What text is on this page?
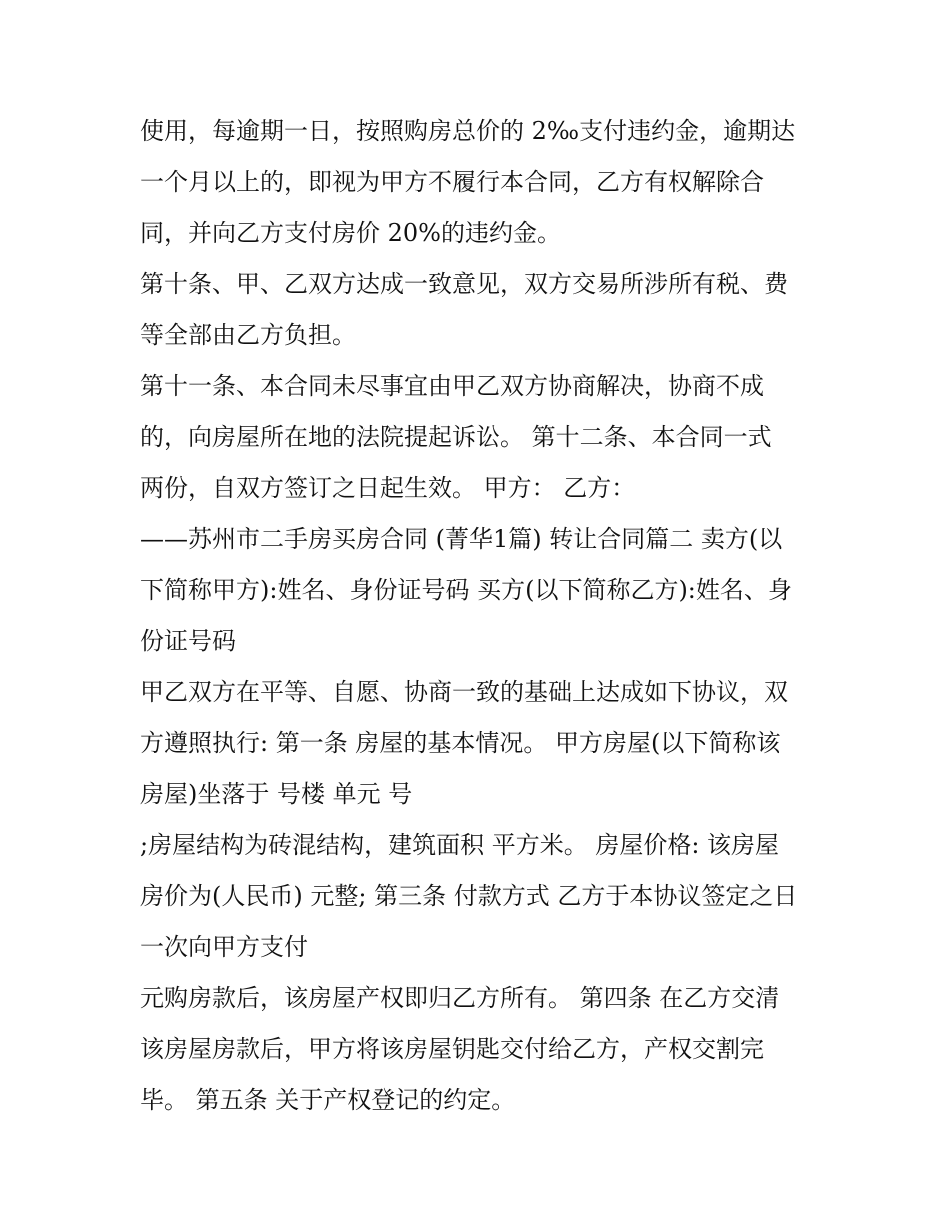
使用，每逾期一日，按照购房总价的 2‰支付违约金，逾期达
一个月以上的，即视为甲方不履行本合同，乙方有权解除合
同，并向乙方支付房价 20%的违约金。
第十条、甲、乙双方达成一致意见，双方交易所涉所有税、费
等全部由乙方负担。
第十一条、本合同未尽事宜由甲乙双方协商解决，协商不成
的，向房屋所在地的法院提起诉讼。 第十二条、本合同一式
两份，自双方签订之日起生效。 甲方： 乙方：
——苏州市二手房买房合同 (菁华1篇) 转让合同篇二 卖方(以
下简称甲方):姓名、身份证号码 买方(以下简称乙方):姓名、身
份证号码
甲乙双方在平等、自愿、协商一致的基础上达成如下协议，双
方遵照执行: 第一条 房屋的基本情况。 甲方房屋(以下简称该
房屋)坐落于 号楼 单元 号
;房屋结构为砖混结构，建筑面积 平方米。 房屋价格: 该房屋
房价为(人民币) 元整; 第三条 付款方式 乙方于本协议签定之日
一次向甲方支付
元购房款后，该房屋产权即归乙方所有。 第四条 在乙方交清
该房屋房款后，甲方将该房屋钥匙交付给乙方，产权交割完
毕。 第五条 关于产权登记的约定。
